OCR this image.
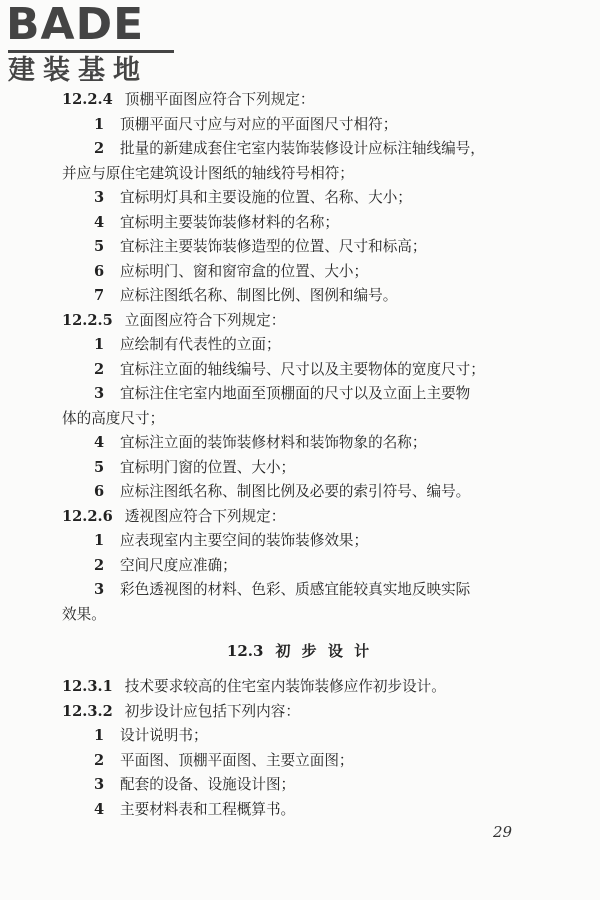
BADE
建装基地
12.2.4 顶棚平面图应符合下列规定：
1 顶棚平面尺寸应与对应的平面图尺寸相符；
2 批量的新建成套住宅室内装饰装修设计应标注轴线编号，
并应与原住宅建筑设计图纸的轴线符号相符；
3 宜标明灯具和主要设施的位置、名称、大小；
4 宜标明主要装饰装修材料的名称；
5 宜标注主要装饰装修造型的位置、尺寸和标高；
6 应标明门、窗和窗帘盒的位置、大小；
7 应标注图纸名称、制图比例、图例和编号。
12.2.5 立面图应符合下列规定：
1 应绘制有代表性的立面；
2 宜标注立面的轴线编号、尺寸以及主要物体的宽度尺寸；
3 宜标注住宅室内地面至顶棚面的尺寸以及立面上主要物
体的高度尺寸；
4 宜标注立面的装饰装修材料和装饰物象的名称；
5 宜标明门窗的位置、大小；
6 应标注图纸名称、制图比例及必要的索引符号、编号。
12.2.6 透视图应符合下列规定：
1 应表现室内主要空间的装饰装修效果；
2 空间尺度应准确；
3 彩色透视图的材料、色彩、质感宜能较真实地反映实际
效果。
12.3 初 步 设 计
12.3.1 技术要求较高的住宅室内装饰装修应作初步设计。
12.3.2 初步设计应包括下列内容：
1 设计说明书；
2 平面图、顶棚平面图、主要立面图；
3 配套的设备、设施设计图；
4 主要材料表和工程概算书。
29
